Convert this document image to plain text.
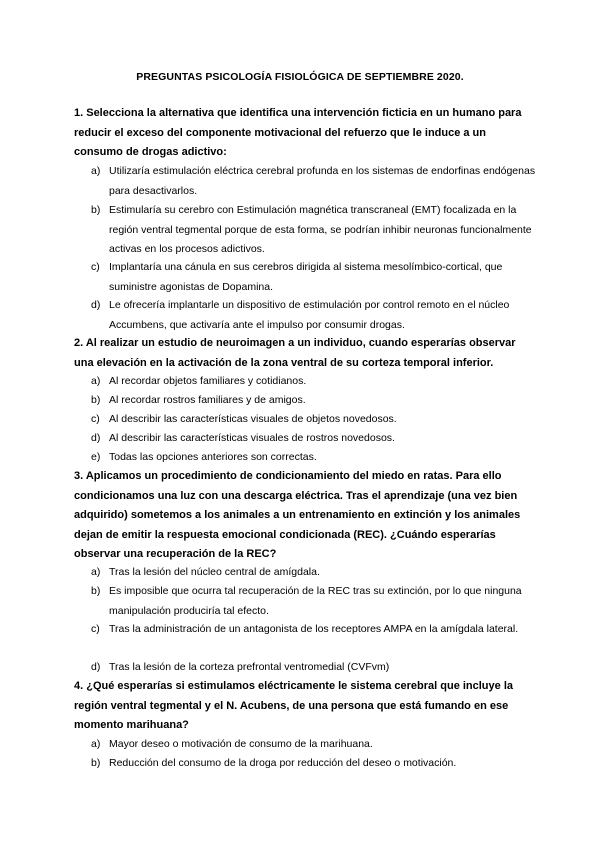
PREGUNTAS PSICOLOGÍA FISIOLÓGICA DE SEPTIEMBRE 2020.
1. Selecciona la alternativa que identifica una intervención ficticia en un humano para reducir el exceso del componente motivacional del refuerzo que le induce a un consumo de drogas adictivo:
a) Utilizaría estimulación eléctrica cerebral profunda en los sistemas de endorfinas endógenas para desactivarlos.
b) Estimularía su cerebro con Estimulación magnética transcraneal (EMT) focalizada en la región ventral tegmental porque de esta forma, se podrían inhibir neuronas funcionalmente activas en los procesos adictivos.
c) Implantaría una cánula en sus cerebros dirigida al sistema mesolímbico-cortical, que suministre agonistas de Dopamina.
d) Le ofrecería implantarle un dispositivo de estimulación por control remoto en el núcleo Accumbens, que activaría ante el impulso por consumir drogas.
2. Al realizar un estudio de neuroimagen a un individuo, cuando esperarías observar una elevación en la activación de la zona ventral de su corteza temporal inferior.
a) Al recordar objetos familiares y cotidianos.
b) Al recordar rostros familiares y de amigos.
c) Al describir las características visuales de objetos novedosos.
d) Al describir las características visuales de rostros novedosos.
e) Todas las opciones anteriores son correctas.
3. Aplicamos un procedimiento de condicionamiento del miedo en ratas. Para ello condicionamos una luz con una descarga eléctrica. Tras el aprendizaje (una vez bien adquirido) sometemos a los animales a un entrenamiento en extinción y los animales dejan de emitir la respuesta emocional condicionada (REC). ¿Cuándo esperarías observar una recuperación de la REC?
a) Tras la lesión del núcleo central de amígdala.
b) Es imposible que ocurra tal recuperación de la REC tras su extinción, por lo que ninguna manipulación produciría tal efecto.
c) Tras la administración de un antagonista de los receptores AMPA en la amígdala lateral.
d) Tras la lesión de la corteza prefrontal ventromedial (CVFvm)
4. ¿Qué esperarías si estimulamos eléctricamente le sistema cerebral que incluye la región ventral tegmental y el N. Acubens, de una persona que está fumando en ese momento marihuana?
a) Mayor deseo o motivación de consumo de la marihuana.
b) Reducción del consumo de la droga por reducción del deseo o motivación.
